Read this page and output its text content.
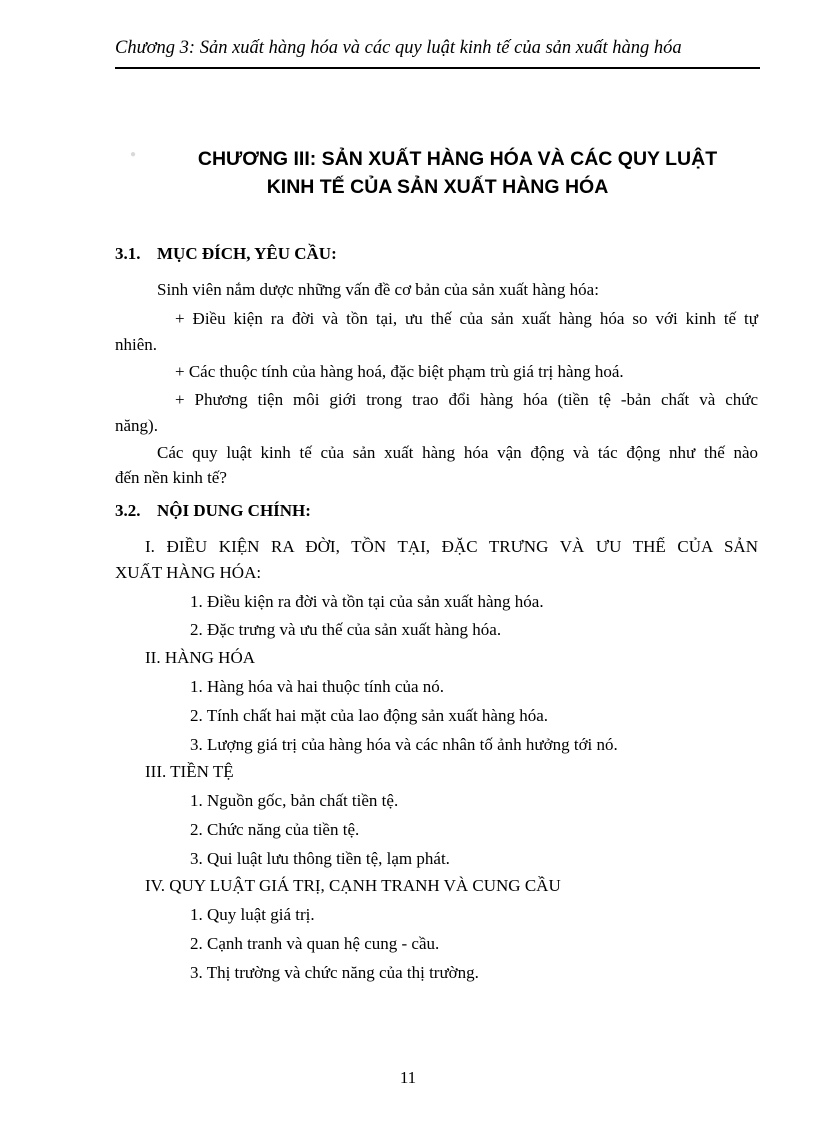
Chương 3: Sản xuất hàng hóa và các quy luật kinh tế của sản xuất hàng hóa
●	CHƯƠNG III: SẢN XUẤT HÀNG HÓA VÀ CÁC QUY LUẬT
KINH TẾ CỦA SẢN XUẤT HÀNG HÓA
3.1. MỤC ĐÍCH, YÊU CẦU:
Sinh viên nắm dược những vấn đề cơ bản của sản xuất hàng hóa:
+ Điều kiện ra đời và tồn tại, ưu thế của sản xuất hàng hóa so với kinh tế tự
nhiên.
+ Các thuộc tính của hàng hoá, đặc biệt phạm trù giá trị hàng hoá.
+ Phương tiện môi giới trong trao đổi hàng hóa (tiền tệ -bản chất và chức
năng).
Các quy luật kinh tế của sản xuất hàng hóa vận động và tác động như thế nào
đến nền kinh tế?
3.2. NỘI DUNG CHÍNH:
I. ĐIỀU KIỆN RA ĐỜI, TỒN TẠI, ĐẶC TRƯNG VÀ ƯU THẾ CỦA SẢN
XUẤT HÀNG HÓA:
1. Điều kiện ra đời và tồn tại của sản xuất hàng hóa.
2. Đặc trưng và ưu thế của sản xuất hàng hóa.
II. HÀNG HÓA
1. Hàng hóa và hai thuộc tính của nó.
2. Tính chất hai mặt của lao động sản xuất hàng hóa.
3. Lượng giá trị của hàng hóa và các nhân tố ảnh hưởng tới nó.
III. TIỀN TỆ
1. Nguồn gốc, bản chất tiền tệ.
2. Chức năng của tiền tệ.
3. Qui luật lưu thông tiền tệ, lạm phát.
IV. QUY LUẬT GIÁ TRỊ, CẠNH TRANH VÀ CUNG CẦU
1. Quy luật giá trị.
2. Cạnh tranh và quan hệ cung - cầu.
3. Thị trường và chức năng của thị trường.
11
